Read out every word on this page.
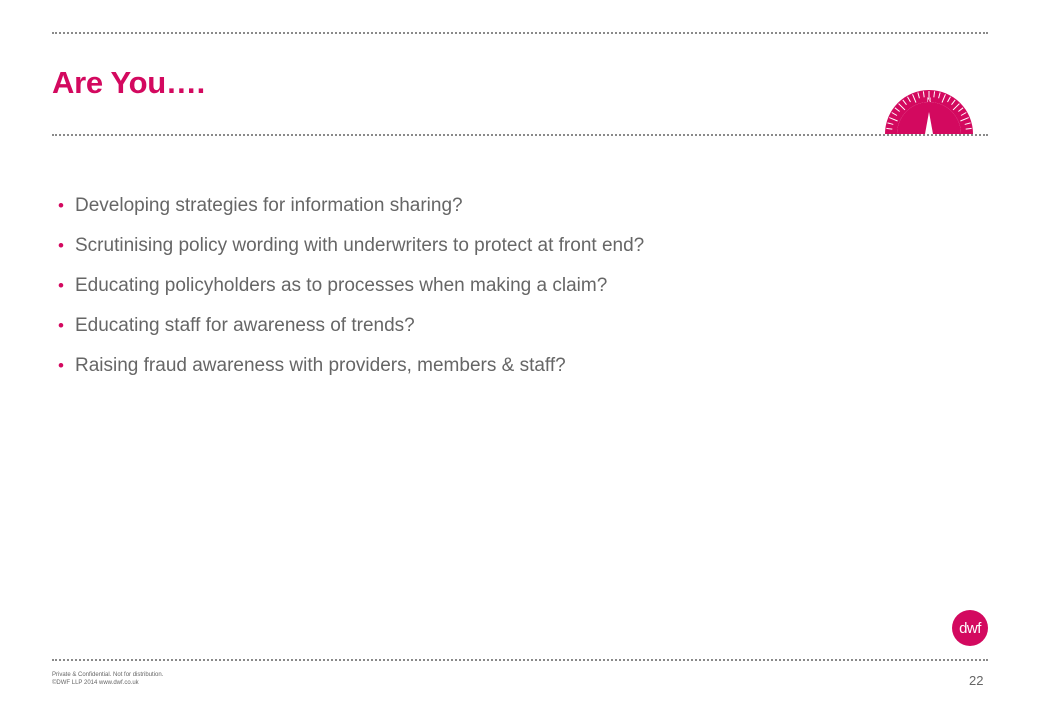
Are You….
N
• Developing strategies for information sharing?
• Scrutinising policy wording with underwriters to protect at front end?
• Educating policyholders as to processes when making a claim?
• Educating staff for awareness of trends?
• Raising fraud awareness with providers, members & staff?
dwf
Private & Confidential. Not for distribution.
©DWF LLP 2014 www.dwf.co.uk	22
